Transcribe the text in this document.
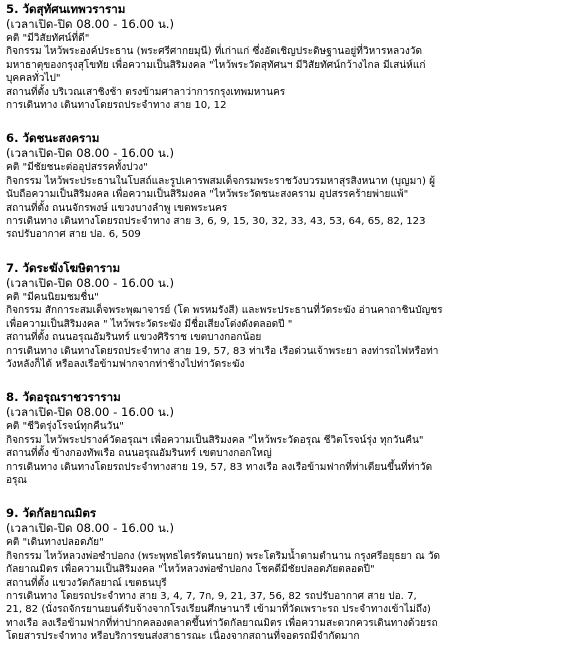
5. วัดสุทัศนเทพวราราม
(เวลาเปิด-ปิด 08.00 - 16.00 น.)
คติ "มีวิสัยทัศน์ที่ดี"
กิจกรรม ไหว้พระองค์ประธาน (พระศรีศากยมุนี) ที่เก่าแก่ ซึ่งอัดเชิญประดิษฐานอยู่ที่วิหารหลวงวัด
มหาธาตุของกรุงสุโขทัย เพื่อความเป็นสิริมงคล "ไหว้พระวัดสุทัศนฯ มีวิสัยทัศน์กว้างไกล มีเสน่ห์แก่
บุคคลทั่วไป"
สถานที่ตั้ง บริเวณเสาชิงช้า ตรงข้ามศาลาว่าการกรุงเทพมหานคร
การเดินทาง เดินทางโดยรถประจำทาง สาย 10, 12
6. วัดชนะสงคราม
(เวลาเปิด-ปิด 08.00 - 16.00 น.)
คติ "มีชัยชนะต่ออุปสรรคทั้งปวง"
กิจกรรม ไหว้พระประธานในโบสถ์และรูปเคารพสมเด็จกรมพระราชวังบวรมหาสุรสิงหนาท (บุญมา) ผู้
นับถือความเป็นสิริมงคล เพื่อความเป็นสิริมงคล "ไหว้พระวัดชนะสงคราม อุปสรรคร้ายพ่ายแพ้"
สถานที่ตั้ง ถนนจักรพงษ์ แขวงบางลำพู เขตพระนคร
การเดินทาง เดินทางโดยรถประจำทาง สาย 3, 6, 9, 15, 30, 32, 33, 43, 53, 64, 65, 82, 123
รถปรับอากาศ สาย ปอ. 6, 509
7. วัดระฆังโฆษิตาราม
(เวลาเปิด-ปิด 08.00 - 16.00 น.)
คติ "มีคนนิยมชมชื่น"
กิจกรรม สักการะสมเด็จพระพุฒาจารย์ (โต พรหมรังสี) และพระประธานที่วัดระฆัง อ่านคาถาชินบัญชร
เพื่อความเป็นสิริมงคล " ไหว้พระวัดระฆัง มีชื่อเสียงโด่งดังตลอดปี "
สถานที่ตั้ง ถนนอรุณอัมรินทร์ แขวงศิริราช เขตบางกอกน้อย
การเดินทาง เดินทางโดยรถประจำทาง สาย 19, 57, 83 ท่าเรือ เรือด่วนเจ้าพระยา ลงท่ารถไฟหรือท่า
วังหลังก็ได้ หรือลงเรือข้ามฟากจากท่าช้างไปท่าวัดระฆัง
8. วัดอรุณราชวราราม
(เวลาเปิด-ปิด 08.00 - 16.00 น.)
คติ "ชีวิตรุ่งโรจน์ทุกคืนวัน"
กิจกรรม ไหว้พระปรางค์วัดอรุณฯ เพื่อความเป็นสิริมงคล "ไหว้พระวัดอรุณ ชีวิตโรจน์รุ่ง ทุกวันคืน"
สถานที่ตั้ง ข้างกองทัพเรือ ถนนอรุณอัมรินทร์ เขตบางกอกใหญ่
การเดินทาง เดินทางโดยรถประจำทางสาย 19, 57, 83 ทางเรือ ลงเรือข้ามฟากที่ท่าเตียนขึ้นที่ท่าวัด
อรุณ
9. วัดกัลยาณมิตร
(เวลาเปิด-ปิด 08.00 - 16.00 น.)
คติ "เดินทางปลอดภัย"
กิจกรรม ไหว้หลวงพ่อซำปอกง (พระพุทธไตรรัตนนายก) พระโตริมน้ำตามตำนาน กรุงศรีอยุธยา ณ วัด
กัลยาณมิตร เพื่อความเป็นสิริมงคล "ไหว้หลวงพ่อซำปอกง โชคดีมีชัยปลอดภัยตลอดปี"
สถานที่ตั้ง แขวงวัดกัลยาณ์ เขตธนบุรี
การเดินทาง โดยรถประจำทาง สาย 3, 4, 7, 7ก, 9, 21, 37, 56, 82 รถปรับอากาศ สาย ปอ. 7,
21, 82 (นั่งรถจักรยานยนต์รับจ้างจากโรงเรียนศึกษานารี เข้ามาที่วัดเพราะรถ ประจำทางเข้าไม่ถึง)
ทางเรือ ลงเรือข้ามฟากที่ท่าปากคลองตลาดขึ้นท่าวัดกัลยาณมิตร เพื่อความสะดวกควรเดินทางด้วยรถ
โดยสารประจำทาง หรือบริการขนส่งสาธารณะ เนื่องจากสถานที่จอดรถมีจำกัดมาก
